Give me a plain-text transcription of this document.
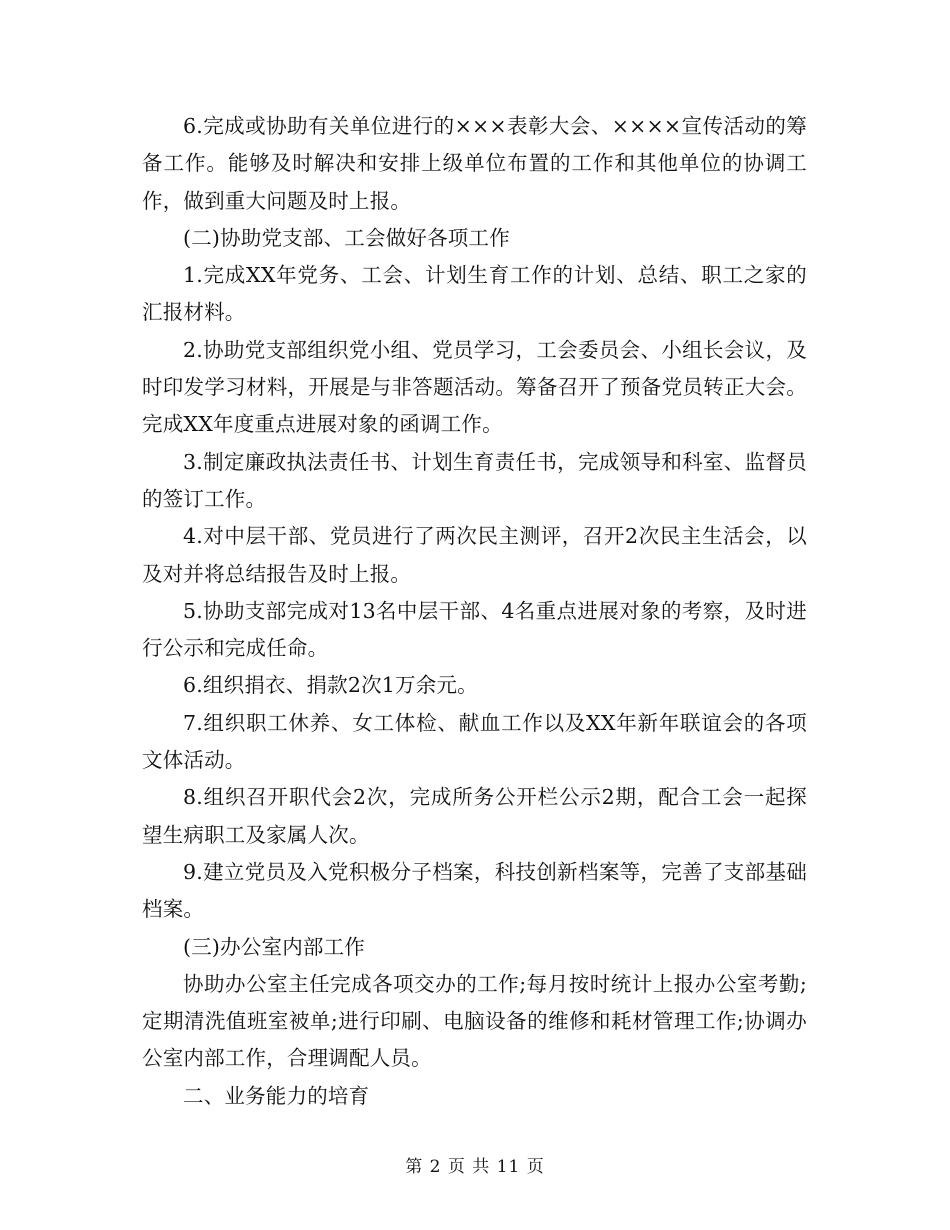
6.完成或协助有关单位进行的×××表彰大会、××××宣传活动的筹备工作。能够及时解决和安排上级单位布置的工作和其他单位的协调工作，做到重大问题及时上报。

(二)协助党支部、工会做好各项工作

1.完成XX年党务、工会、计划生育工作的计划、总结、职工之家的汇报材料。

2.协助党支部组织党小组、党员学习，工会委员会、小组长会议，及时印发学习材料，开展是与非答题活动。筹备召开了预备党员转正大会。完成XX年度重点进展对象的函调工作。

3.制定廉政执法责任书、计划生育责任书，完成领导和科室、监督员的签订工作。

4.对中层干部、党员进行了两次民主测评，召开2次民主生活会，以及对并将总结报告及时上报。

5.协助支部完成对13名中层干部、4名重点进展对象的考察，及时进行公示和完成任命。

6.组织捐衣、捐款2次1万余元。

7.组织职工休养、女工体检、献血工作以及XX年新年联谊会的各项文体活动。

8.组织召开职代会2次，完成所务公开栏公示2期，配合工会一起探望生病职工及家属人次。

9.建立党员及入党积极分子档案，科技创新档案等，完善了支部基础档案。

(三)办公室内部工作

协助办公室主任完成各项交办的工作;每月按时统计上报办公室考勤;定期清洗值班室被单;进行印刷、电脑设备的维修和耗材管理工作;协调办公室内部工作，合理调配人员。

二、业务能力的培育

第 2 页 共 11 页
